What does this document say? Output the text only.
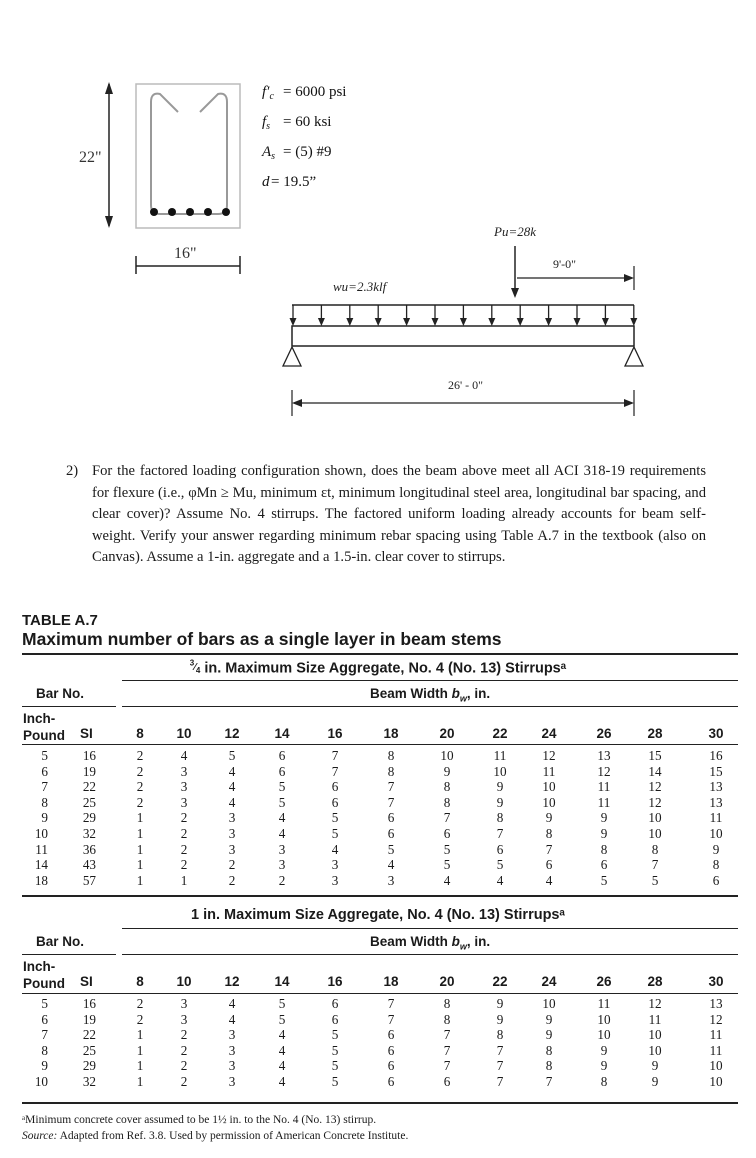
22"
16"
$f'_c = 6000$ psi
$f_s = 60$ ksi
$A_s = (5)$ #9
d = 19.5”
Pu=28k
9'-0"
wu=2.3klf
26' - 0"
2) For the factored loading configuration shown, does the beam above meet all ACI 318-19 requirements for flexure (i.e., φMn ≥ Mu, minimum εt, minimum longitudinal steel area, longitudinal bar spacing, and clear cover)? Assume No. 4 stirrups. The factored uniform loading already accounts for beam self-weight. Verify your answer regarding minimum rebar spacing using Table A.7 in the textbook (also on Canvas). Assume a 1-in. aggregate and a 1.5-in. clear cover to stirrups.
TABLE A.7
Maximum number of bars as a single layer in beam stems
$^3⁄_4$ in. Maximum Size Aggregate, No. 4 (No. 13) Stirrupsᵃ
Bar No.	Beam Width $b_w$, in.
Inch-
Pound SI	8	10	12	14	16	18	20	22	24	26	28	30
5	16	2	4	5	6	7	8	10	11	12	13	15	16
6	19	2	3	4	6	7	8	9	10	11	12	14	15
7	22	2	3	4	5	6	7	8	9	10	11	12	13
8	25	2	3	4	5	6	7	8	9	10	11	12	13
9	29	1	2	3	4	5	6	7	8	9	9	10	11
10	32	1	2	3	4	5	6	6	7	8	9	10	10
11	36	1	2	3	3	4	5	5	6	7	8	8	9
14	43	1	2	2	3	3	4	5	5	6	6	7	8
18	57	1	1	2	2	3	3	4	4	4	5	5	6
1 in. Maximum Size Aggregate, No. 4 (No. 13) Stirrupsᵃ
Bar No.	Beam Width $b_w$, in.
Inch-
Pound SI	8	10	12	14	16	18	20	22	24	26	28	30
5	16	2	3	4	5	6	7	8	9	10	11	12	13
6	19	2	3	4	5	6	7	8	9	9	10	11	12
7	22	1	2	3	4	5	6	7	8	9	10	10	11
8	25	1	2	3	4	5	6	7	7	8	9	10	11
9	29	1	2	3	4	5	6	7	7	8	9	9	10
10	32	1	2	3	4	5	6	6	7	7	8	9	10
ᵃMinimum concrete cover assumed to be 1½ in. to the No. 4 (No. 13) stirrup.
Source: Adapted from Ref. 3.8. Used by permission of American Concrete Institute.
